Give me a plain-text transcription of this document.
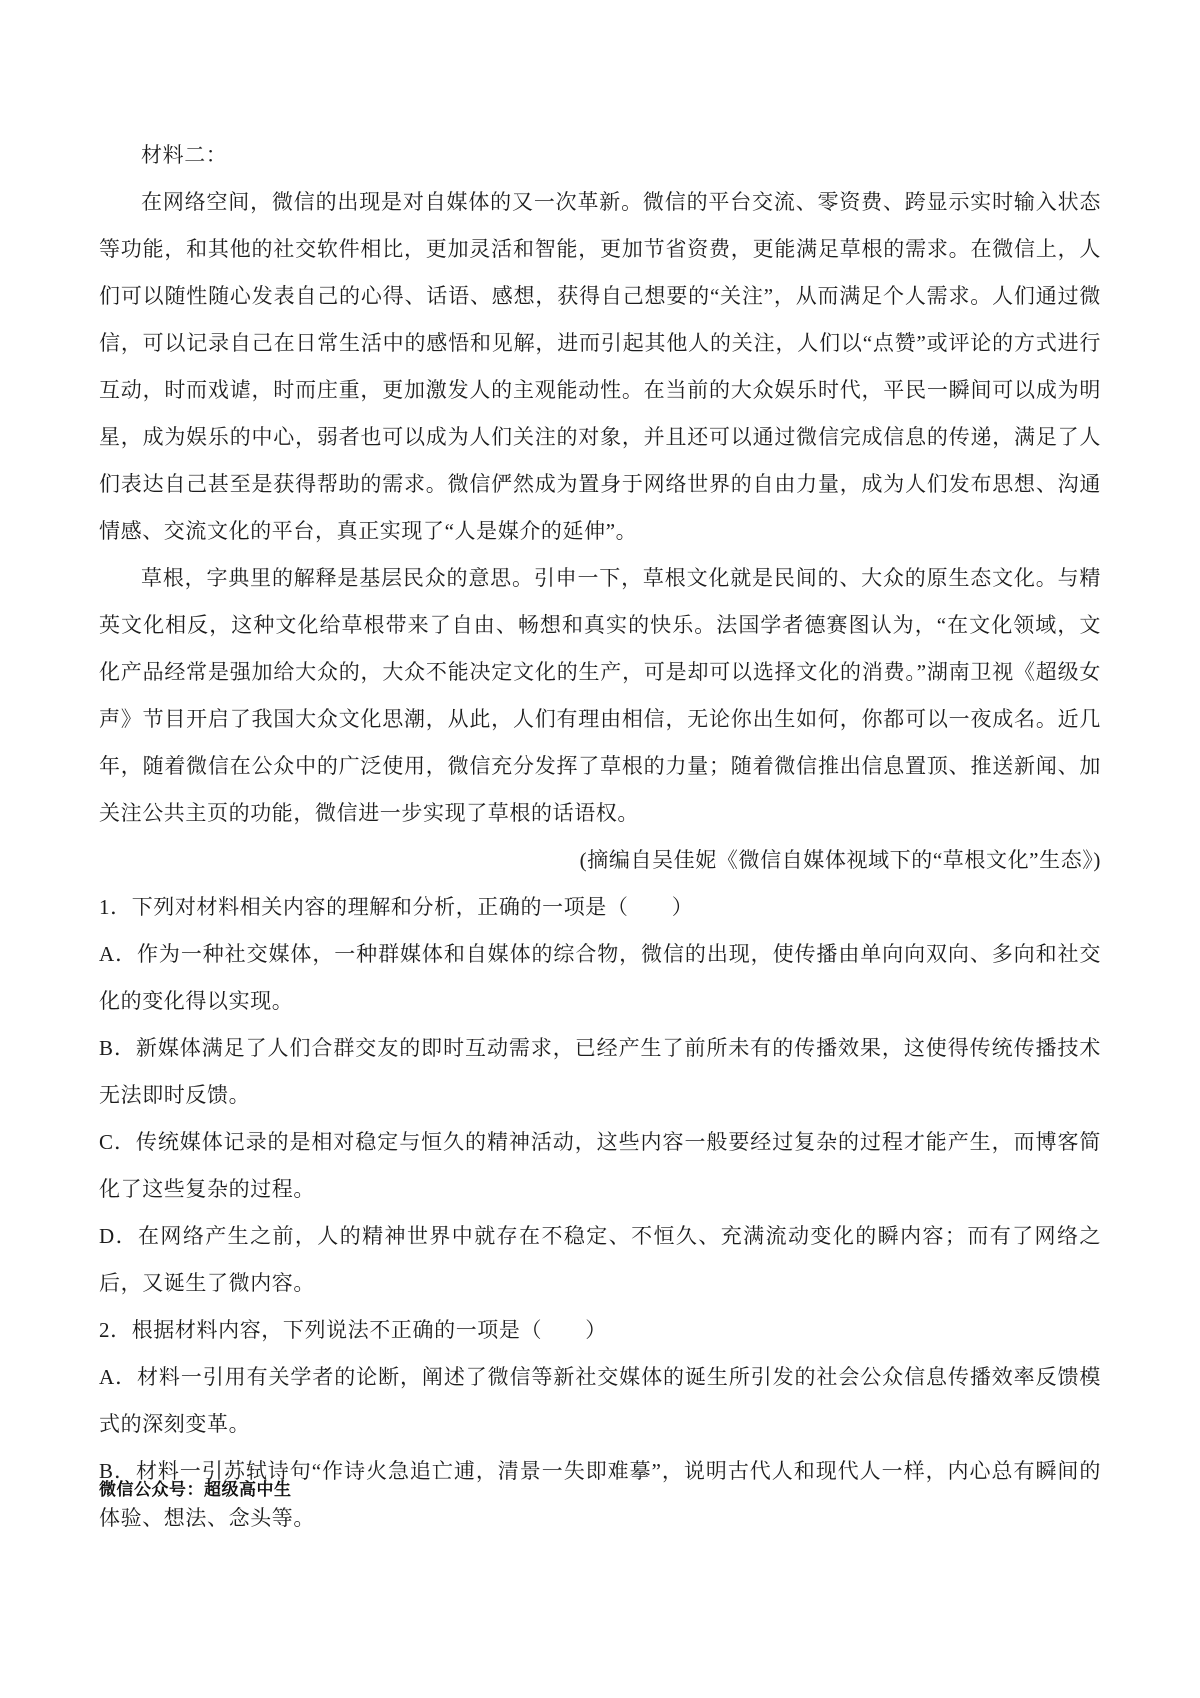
材料二：

在网络空间，微信的出现是对自媒体的又一次革新。微信的平台交流、零资费、跨显示实时输入状态等功能，和其他的社交软件相比，更加灵活和智能，更加节省资费，更能满足草根的需求。在微信上，人们可以随性随心发表自己的心得、话语、感想，获得自己想要的“关注”，从而满足个人需求。人们通过微信，可以记录自己在日常生活中的感悟和见解，进而引起其他人的关注，人们以“点赞”或评论的方式进行互动，时而戏谑，时而庄重，更加激发人的主观能动性。在当前的大众娱乐时代，平民一瞬间可以成为明星，成为娱乐的中心，弱者也可以成为人们关注的对象，并且还可以通过微信完成信息的传递，满足了人们表达自己甚至是获得帮助的需求。微信俨然成为置身于网络世界的自由力量，成为人们发布思想、沟通情感、交流文化的平台，真正实现了“人是媒介的延伸”。

草根，字典里的解释是基层民众的意思。引申一下，草根文化就是民间的、大众的原生态文化。与精英文化相反，这种文化给草根带来了自由、畅想和真实的快乐。法国学者德赛图认为，“在文化领域，文化产品经常是强加给大众的，大众不能决定文化的生产，可是却可以选择文化的消费。”湖南卫视《超级女声》节目开启了我国大众文化思潮，从此，人们有理由相信，无论你出生如何，你都可以一夜成名。近几年，随着微信在公众中的广泛使用，微信充分发挥了草根的力量；随着微信推出信息置顶、推送新闻、加关注公共主页的功能，微信进一步实现了草根的话语权。

(摘编自吴佳妮《微信自媒体视域下的“草根文化”生态》)

1．下列对材料相关内容的理解和分析，正确的一项是（　　）

A．作为一种社交媒体，一种群媒体和自媒体的综合物，微信的出现，使传播由单向向双向、多向和社交化的变化得以实现。

B．新媒体满足了人们合群交友的即时互动需求，已经产生了前所未有的传播效果，这使得传统传播技术无法即时反馈。

C．传统媒体记录的是相对稳定与恒久的精神活动，这些内容一般要经过复杂的过程才能产生，而博客简化了这些复杂的过程。

D．在网络产生之前，人的精神世界中就存在不稳定、不恒久、充满流动变化的瞬内容；而有了网络之后，又诞生了微内容。

2．根据材料内容，下列说法不正确的一项是（　　）

A．材料一引用有关学者的论断，阐述了微信等新社交媒体的诞生所引发的社会公众信息传播效率反馈模式的深刻变革。

B．材料一引苏轼诗句“作诗火急追亡逋，清景一失即难摹”，说明古代人和现代人一样，内心总有瞬间的体验、想法、念头等。

微信公众号：超级高中生
